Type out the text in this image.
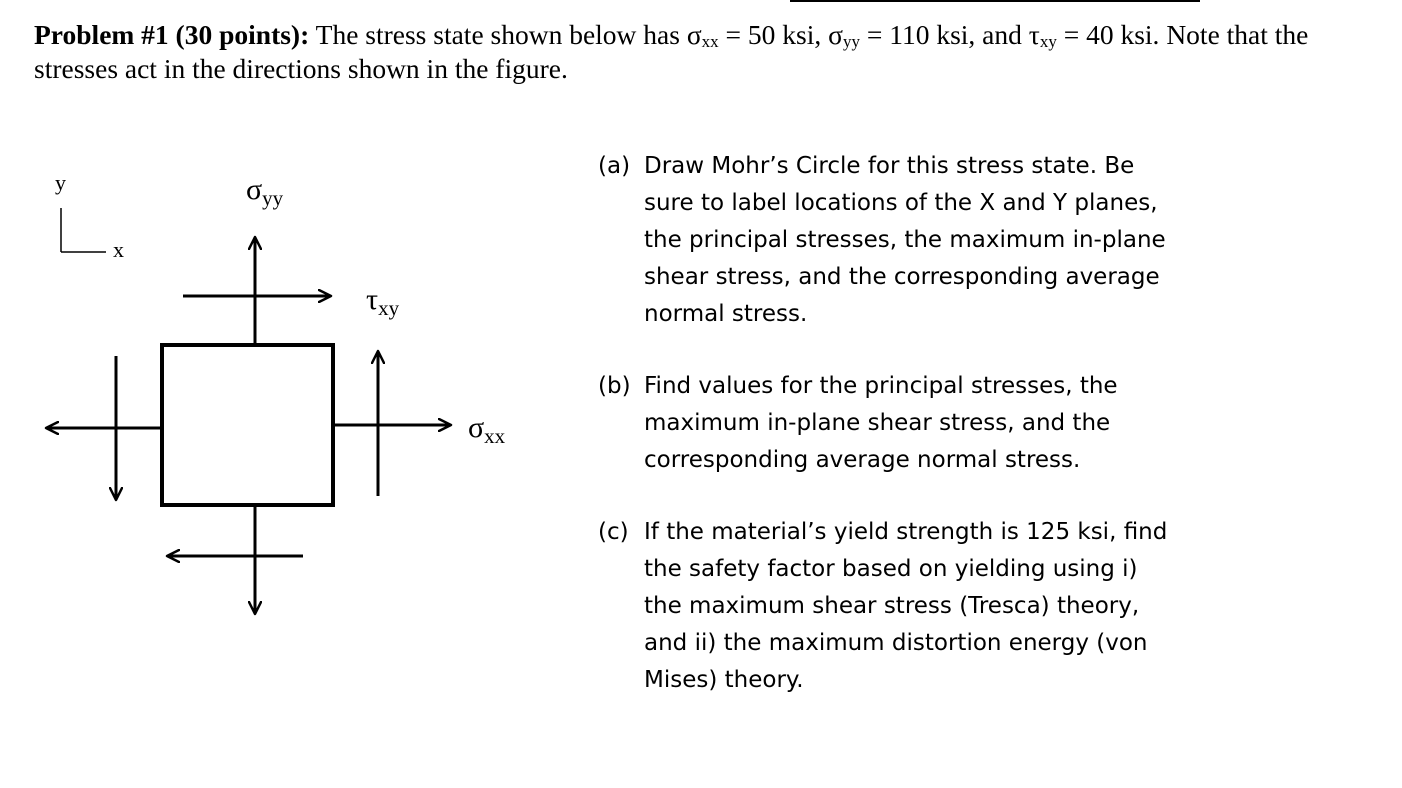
Problem #1 (30 points): The stress state shown below has $\sigma_{xx} = 50$ ksi, $\sigma_{yy} = 110$ ksi, and $\tau_{xy} = 40$ ksi. Note that the stresses act in the directions shown in the figure.
y
x
$\sigma_{yy}$
$\tau_{xy}$
$\sigma_{xx}$
(a) Draw Mohr’s Circle for this stress state. Be
sure to label locations of the X and Y planes,
the principal stresses, the maximum in-plane
shear stress, and the corresponding average
normal stress.
(b) Find values for the principal stresses, the
maximum in-plane shear stress, and the
corresponding average normal stress.
(c) If the material’s yield strength is 125 ksi, find
the safety factor based on yielding using i)
the maximum shear stress (Tresca) theory,
and ii) the maximum distortion energy (von
Mises) theory.
